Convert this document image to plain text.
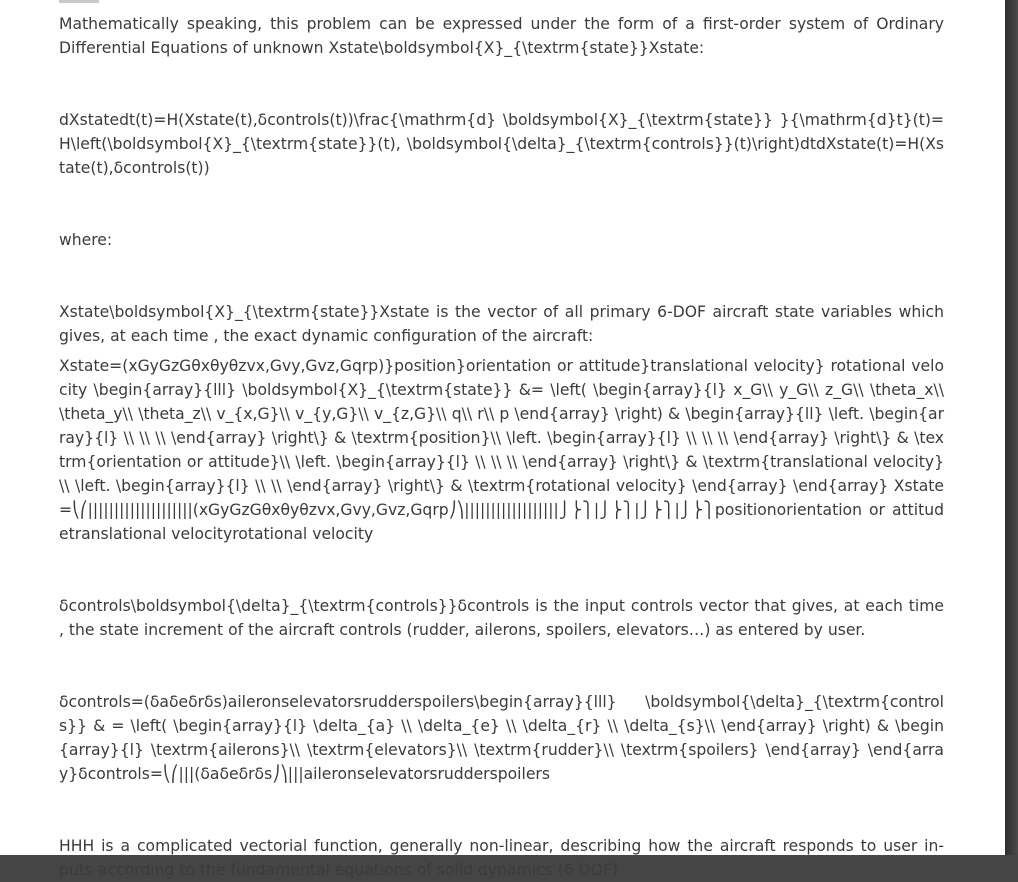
Mathematically speaking, this problem can be expressed under the form of a first-order system of Ordinary Differential Equations of unknown Xstate\boldsymbol{X}_{\textrm{state}}Xstate:

dXstatedt(t)=H(Xstate(t),δcontrols(t))\frac{\mathrm{d} \boldsymbol{X}_{\textrm{state}} }{\mathrm{d}t}(t)= H\left(\boldsymbol{X}_{\textrm{state}}(t), \boldsymbol{\delta}_{\textrm{controls}}(t)\right)dtdXstate(t)=H(Xstate(t),δcontrols(t))

where:

Xstate\boldsymbol{X}_{\textrm{state}}Xstate is the vector of all primary 6-DOF aircraft state variables which gives, at each time , the exact dynamic configuration of the aircraft:

Xstate=(xGyGzGθxθyθzvx,Gvy,Gvz,Gqrp)}position}orientation or attitude}translational velocity} rotational velocity \begin{array}{lll} \boldsymbol{X}_{\textrm{state}} &= \left( \begin{array}{l} x_G\\ y_G\\ z_G\\ \theta_x\\ \theta_y\\ \theta_z\\ v_{x,G}\\ v_{y,G}\\ v_{z,G}\\ q\\ r\\ p \end{array} \right) & \begin{array}{ll} \left. \begin{array}{l} \\ \\ \\ \end{array} \right\} & \textrm{position}\\ \left. \begin{array}{l} \\ \\ \\ \end{array} \right\} & \textrm{orientation or attitude}\\ \left. \begin{array}{l} \\ \\ \\ \end{array} \right\} & \textrm{translational velocity}\\ \left. \begin{array}{l} \\ \\ \end{array} \right\} & \textrm{rotational velocity} \end{array} \end{array} Xstate=⎝⎛||||||||||||||||||||(xGyGzGθxθyθzvx,Gvy,Gvz,Gqrp⎠⎞||||||||||||||||||⎭⎬⎫|⎭⎬⎫|⎭⎬⎫|⎭⎬⎫positionorientation or attitudetranslational velocityrotational velocity

δcontrols\boldsymbol{\delta}_{\textrm{controls}}δcontrols is the input controls vector that gives, at each time , the state increment of the aircraft controls (rudder, ailerons, spoilers, elevators…) as entered by user.

δcontrols=(δaδeδrδs)aileronselevatorsrudderspoilers\begin{array}{lll} \boldsymbol{\delta}_{\textrm{controls}} & = \left( \begin{array}{l} \delta_{a} \\ \delta_{e} \\ \delta_{r} \\ \delta_{s}\\ \end{array} \right) & \begin{array}{l} \textrm{ailerons}\\ \textrm{elevators}\\ \textrm{rudder}\\ \textrm{spoilers} \end{array} \end{array}δcontrols=⎝⎛|||(δaδeδrδs⎠⎞|||aileronselevatorsrudderspoilers

HHH is a complicated vectorial function, generally non-linear, describing how the aircraft responds to user in-puts according to the fundamental equations of solid dynamics (6 DOF)
